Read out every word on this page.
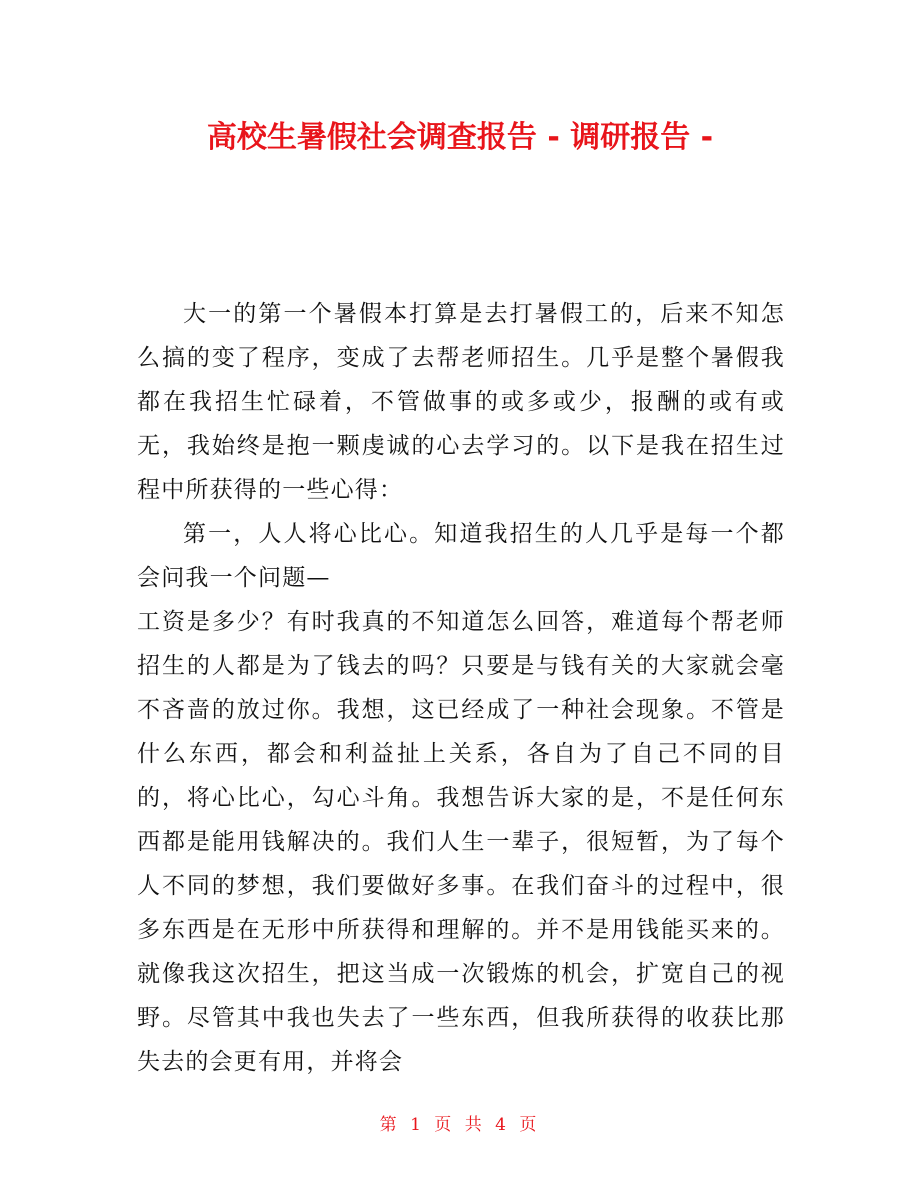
高校生暑假社会调查报告 - 调研报告 -

大一的第一个暑假本打算是去打暑假工的，后来不知怎么搞的变了程序，变成了去帮老师招生。几乎是整个暑假我都在我招生忙碌着，不管做事的或多或少，报酬的或有或无，我始终是抱一颗虔诚的心去学习的。以下是我在招生过程中所获得的一些心得：

第一，人人将心比心。知道我招生的人几乎是每一个都会问我一个问题—

工资是多少？有时我真的不知道怎么回答，难道每个帮老师招生的人都是为了钱去的吗？只要是与钱有关的大家就会毫不吝啬的放过你。我想，这已经成了一种社会现象。不管是什么东西，都会和利益扯上关系，各自为了自己不同的目的，将心比心，勾心斗角。我想告诉大家的是，不是任何东西都是能用钱解决的。我们人生一辈子，很短暂，为了每个人不同的梦想，我们要做好多事。在我们奋斗的过程中，很多东西是在无形中所获得和理解的。并不是用钱能买来的。就像我这次招生，把这当成一次锻炼的机会，扩宽自己的视野。尽管其中我也失去了一些东西，但我所获得的收获比那失去的会更有用，并将会

第 1 页 共 4 页
